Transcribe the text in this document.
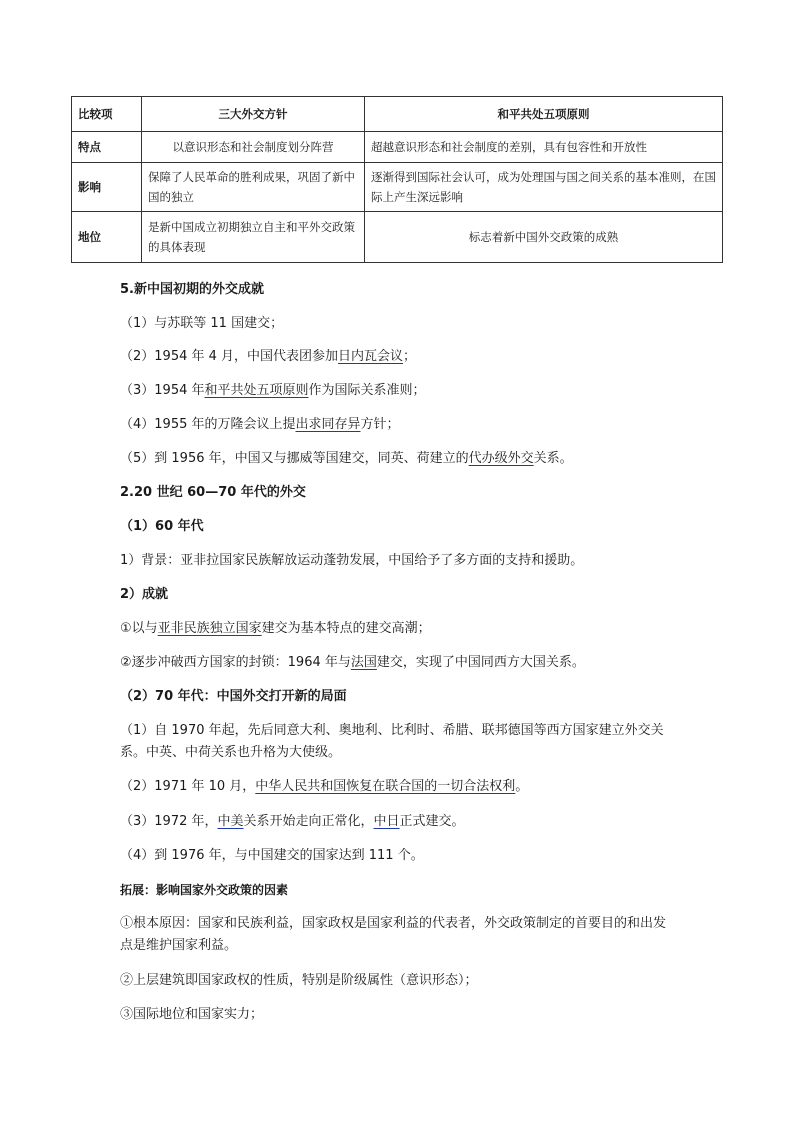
比较项	三大外交方针	和平共处五项原则
特点	以意识形态和社会制度划分阵营	超越意识形态和社会制度的差别，具有包容性和开放性
影响	保障了人民革命的胜利成果，巩固了新中国的独立	逐渐得到国际社会认可，成为处理国与国之间关系的基本准则，在国际上产生深远影响
地位	是新中国成立初期独立自主和平外交政策的具体表现	标志着新中国外交政策的成熟
5.新中国初期的外交成就
（1）与苏联等 11 国建交；
（2）1954 年 4 月，中国代表团参加日内瓦会议；
（3）1954 年和平共处五项原则作为国际关系准则；
（4）1955 年的万隆会议上提出求同存异方针；
（5）到 1956 年，中国又与挪威等国建交，同英、荷建立的代办级外交关系。
2.20 世纪 60—70 年代的外交
（1）60 年代
1）背景：亚非拉国家民族解放运动蓬勃发展，中国给予了多方面的支持和援助。
2）成就
①以与亚非民族独立国家建交为基本特点的建交高潮；
②逐步冲破西方国家的封锁：1964 年与法国建交，实现了中国同西方大国关系。
（2）70 年代：中国外交打开新的局面
（1）自 1970 年起，先后同意大利、奥地利、比利时、希腊、联邦德国等西方国家建立外交关系。中英、中荷关系也升格为大使级。
（2）1971 年 10 月，中华人民共和国恢复在联合国的一切合法权利。
（3）1972 年，中美关系开始走向正常化，中日正式建交。
（4）到 1976 年，与中国建交的国家达到 111 个。
拓展：影响国家外交政策的因素
①根本原因：国家和民族利益，国家政权是国家利益的代表者，外交政策制定的首要目的和出发点是维护国家利益。
②上层建筑即国家政权的性质，特别是阶级属性（意识形态）；
③国际地位和国家实力；
